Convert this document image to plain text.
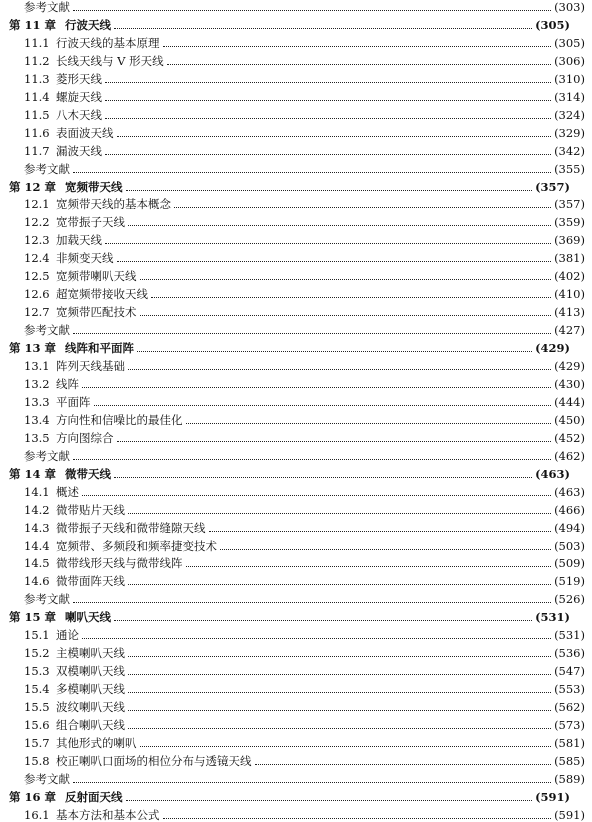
参考文献	(303)
第 11 章 行波天线	(305)
11.1 行波天线的基本原理	(305)
11.2 长线天线与 V 形天线	(306)
11.3 菱形天线	(310)
11.4 螺旋天线	(314)
11.5 八木天线	(324)
11.6 表面波天线	(329)
11.7 漏波天线	(342)
参考文献	(355)
第 12 章 宽频带天线	(357)
12.1 宽频带天线的基本概念	(357)
12.2 宽带振子天线	(359)
12.3 加载天线	(369)
12.4 非频变天线	(381)
12.5 宽频带喇叭天线	(402)
12.6 超宽频带接收天线	(410)
12.7 宽频带匹配技术	(413)
参考文献	(427)
第 13 章 线阵和平面阵	(429)
13.1 阵列天线基础	(429)
13.2 线阵	(430)
13.3 平面阵	(444)
13.4 方向性和信噪比的最佳化	(450)
13.5 方向图综合	(452)
参考文献	(462)
第 14 章 微带天线	(463)
14.1 概述	(463)
14.2 微带贴片天线	(466)
14.3 微带振子天线和微带缝隙天线	(494)
14.4 宽频带、多频段和频率捷变技术	(503)
14.5 微带线形天线与微带线阵	(509)
14.6 微带面阵天线	(519)
参考文献	(526)
第 15 章 喇叭天线	(531)
15.1 通论	(531)
15.2 主模喇叭天线	(536)
15.3 双模喇叭天线	(547)
15.4 多模喇叭天线	(553)
15.5 波纹喇叭天线	(562)
15.6 组合喇叭天线	(573)
15.7 其他形式的喇叭	(581)
15.8 校正喇叭口面场的相位分布与透镜天线	(585)
参考文献	(589)
第 16 章 反射面天线	(591)
16.1 基本方法和基本公式	(591)
